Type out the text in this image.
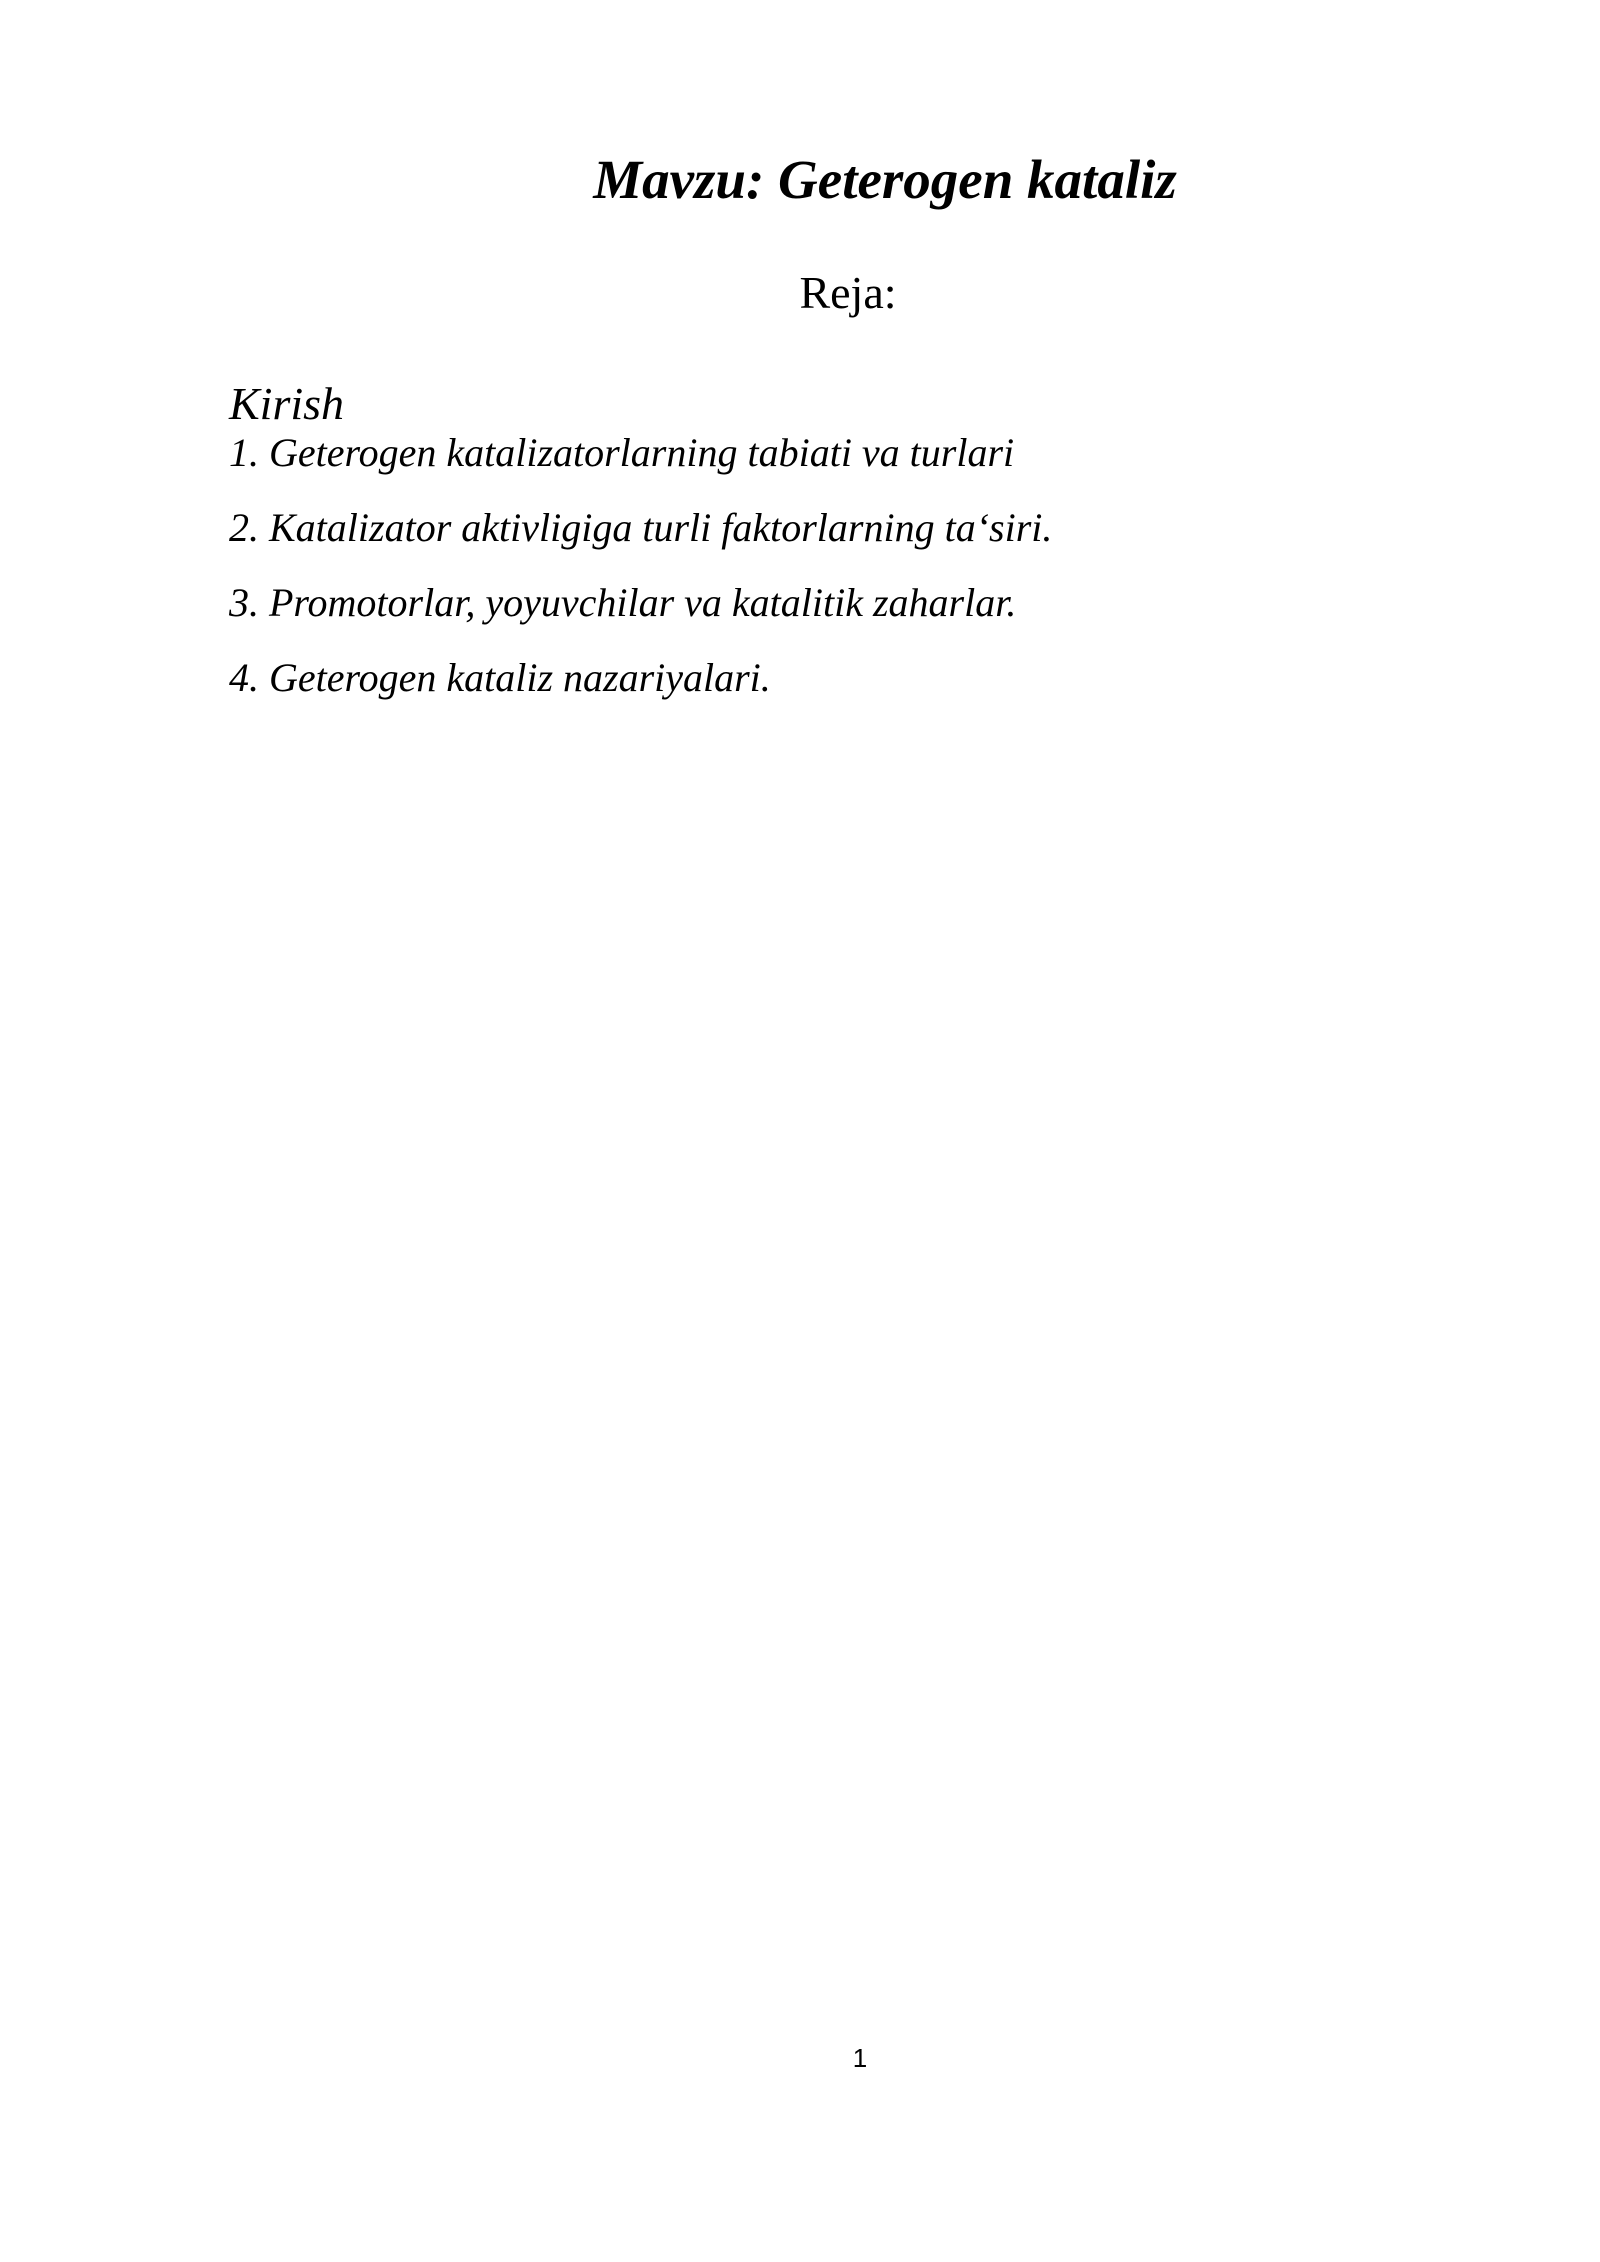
Mavzu: Geterogen kataliz
Reja:
Kirish
1. Geterogen katalizatorlarning tabiati va turlari
2. Katalizator aktivligiga turli faktorlarning ta‘siri.
3. Promotorlar, yoyuvchilar va katalitik zaharlar.
4. Geterogen kataliz nazariyalari.
1
